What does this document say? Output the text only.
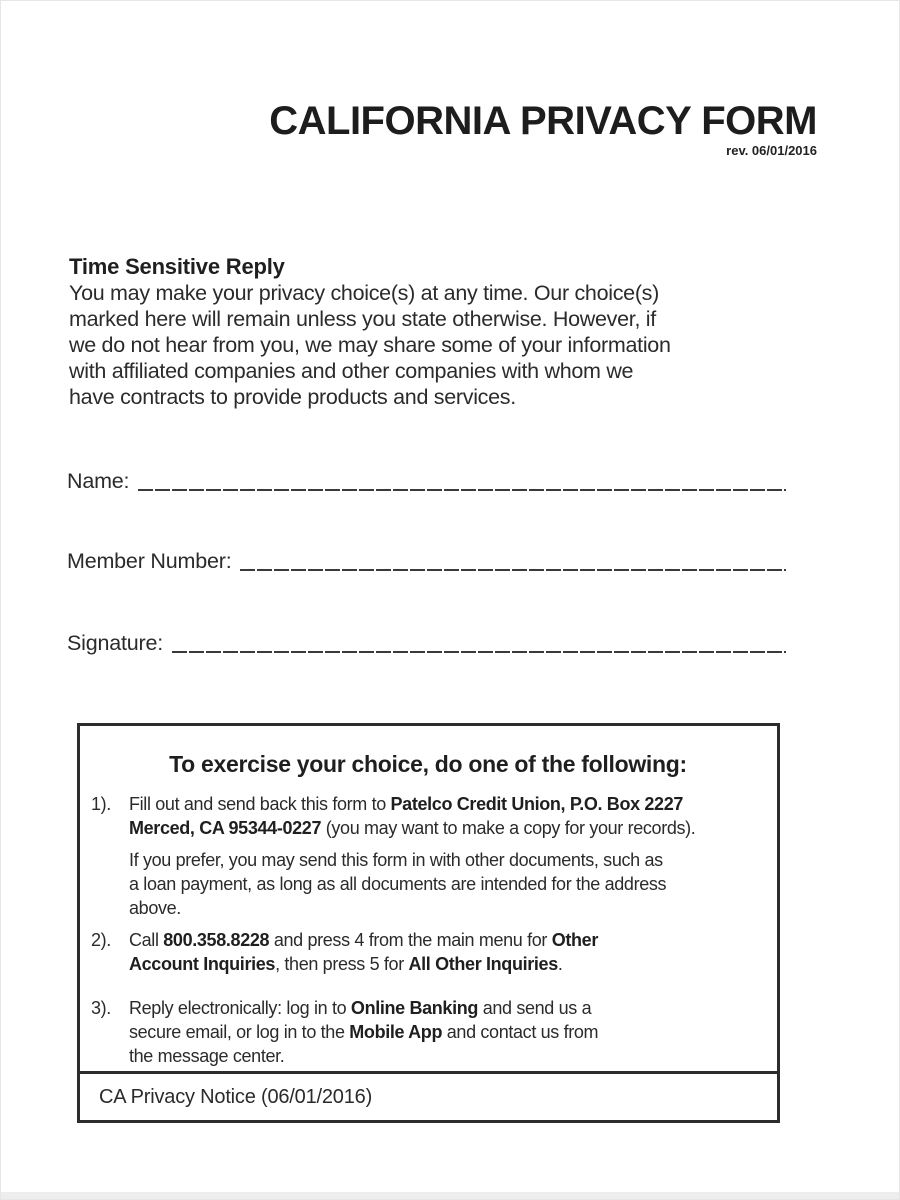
CALIFORNIA PRIVACY FORM
rev. 06/01/2016
Time Sensitive Reply
You may make your privacy choice(s) at any time. Our choice(s)
marked here will remain unless you state otherwise. However, if
we do not hear from you, we may share some of your information
with affiliated companies and other companies with whom we
have contracts to provide products and services.
Name:
Member Number:
Signature:
To exercise your choice, do one of the following:
1).	Fill out and send back this form to Patelco Credit Union, P.O. Box 2227
Merced, CA 95344-0227 (you may want to make a copy for your records).
If you prefer, you may send this form in with other documents, such as
a loan payment, as long as all documents are intended for the address
above.
2).	Call 800.358.8228 and press 4 from the main menu for Other
Account Inquiries, then press 5 for All Other Inquiries.
3).	Reply electronically: log in to Online Banking and send us a
secure email, or log in to the Mobile App and contact us from
the message center.
CA Privacy Notice (06/01/2016)
